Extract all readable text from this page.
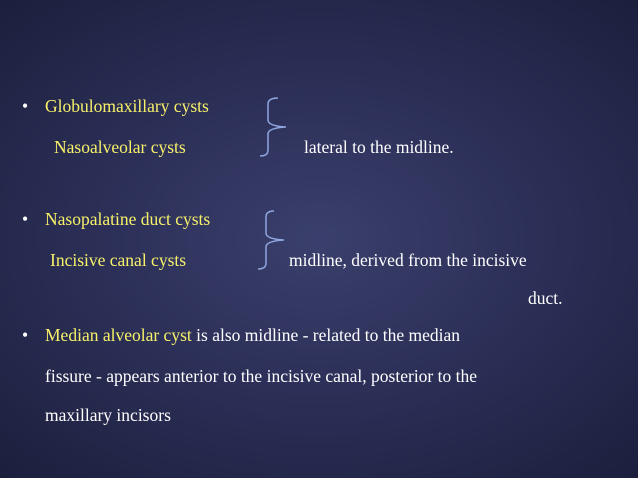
• Globulomaxillary cysts
Nasoalveolar cysts	lateral to the midline.
• Nasopalatine duct cysts
Incisive canal cysts	midline, derived from the incisive
duct.
• Median alveolar cyst is also midline - related to the median
fissure - appears anterior to the incisive canal, posterior to the
maxillary incisors
